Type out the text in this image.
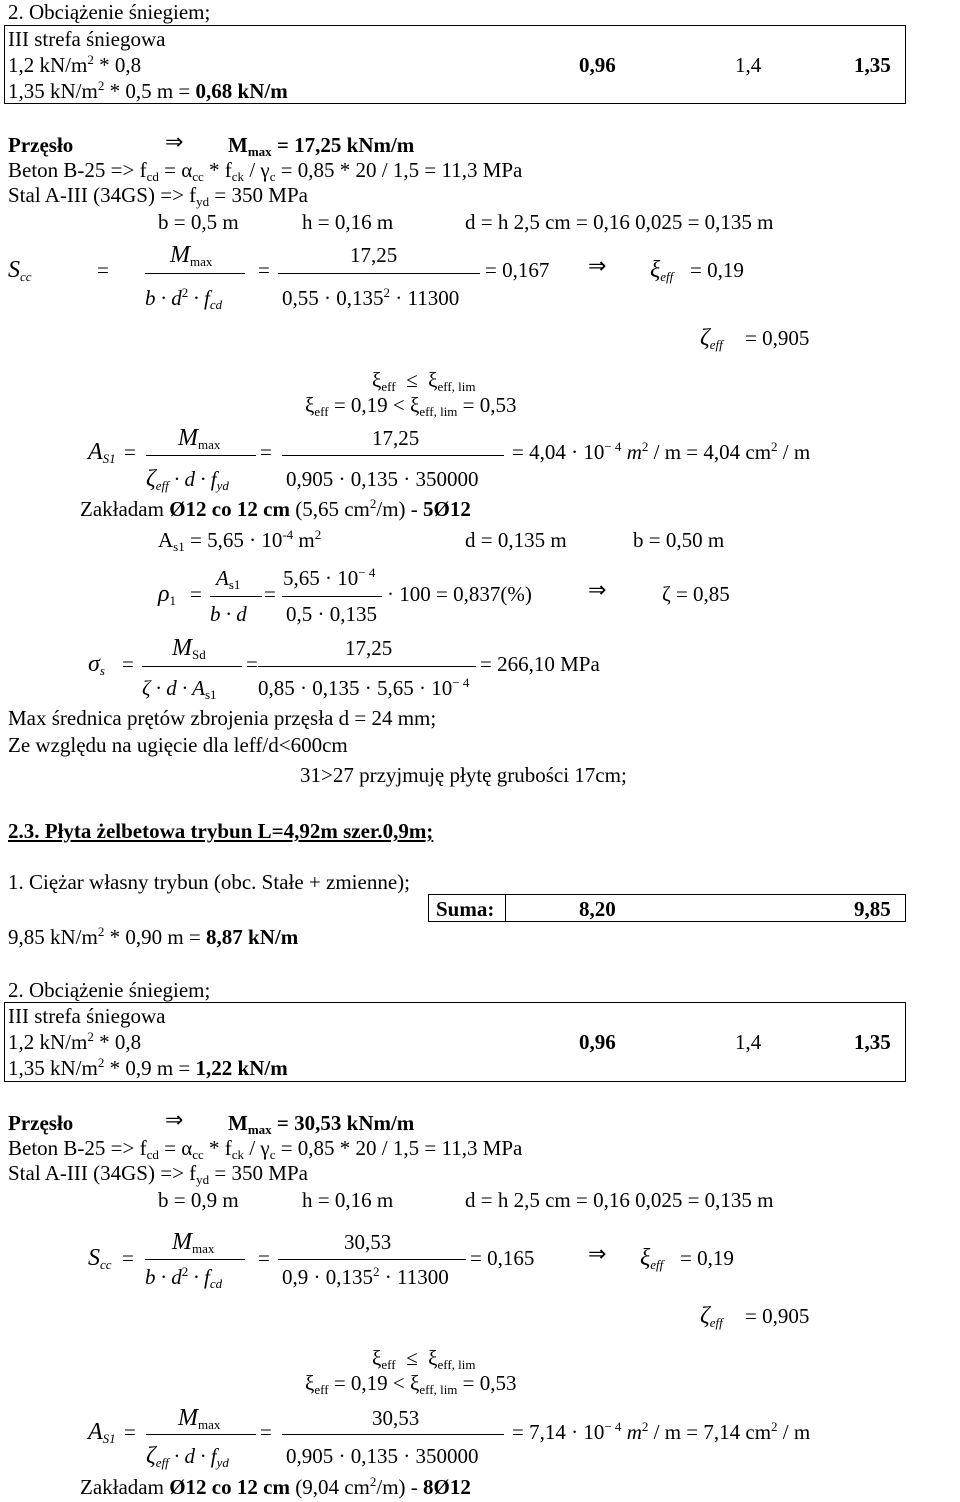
2. Obciążenie śniegiem;
III strefa śniegowa
1,2 $kN/m^2 * 0,8$	0,96	1,4	1,35
1,35 $kN/m^2 * 0,5$ m = 0,68 kN/m
Przęsło	⇒ Mmax = 17,25 kNm/m
Beton B-25 => fcd = αcc * fck / γc = 0,85 * 20 / 1,5 = 11,3 MPa
Stal A-III (34GS) => fyd = 350 MPa
b = 0,5 m	h = 0,16 m	d = h 2,5 cm = 0,16 0,025 = 0,135 m
Scc	=
Mmax
$b \cdot d^2$ · fcd
=
17,25
$0,55 \cdot 0,135^2 \cdot 11300$
= 0,167 ⇒ ξeff = 0,19
ζeff = 0,905
ξeff ≤ ξeff, lim
ξeff = 0,19 < ξeff, lim = 0,53
AS1 =
Mmax
ζeff · d · fyd
=
17,25
0,905 · 0,135 · 350000
= $4,04 \cdot 10^{- 4}$ $m^2 / m = 4,04$ $cm^2$ / m
Zakładam Ø12 co 12 cm (5,65 $cm^2/m$) - 5Ø12
$As1 = 5,65 \cdot 10^{-4}$ $m^2$	d = 0,135 m	b = 0,50 m
ρ1 =
As1
b · d
=
$5,65 \cdot 10^{- 4}$
0,5 · 0,135
· 100 = 0,837(%)	⇒	ζ = 0,85
σs =
MSd
ζ · d · As1
=
17,25
$0,85 \cdot 0,135 \cdot 5,65 \cdot 10^{- 4}$
= 266,10 MPa
Max średnica prętów zbrojenia przęsła d = 24 mm;
Ze względu na ugięcie dla leff/d<600cm
31>27 przyjmuję płytę grubości 17cm;
2.3. Płyta żelbetowa trybun L=4,92m szer.0,9m;
1. Ciężar własny trybun (obc. Stałe + zmienne);
Suma:	8,20	9,85
9,85 $kN/m^2 * 0,90$ m = 8,87 kN/m
2. Obciążenie śniegiem;
III strefa śniegowa
1,2 $kN/m^2 * 0,8$	0,96	1,4	1,35
1,35 $kN/m^2 * 0,9$ m = 1,22 kN/m
Przęsło	⇒ Mmax = 30,53 kNm/m
Beton B-25 => fcd = αcc * fck / γc = 0,85 * 20 / 1,5 = 11,3 MPa
Stal A-III (34GS) => fyd = 350 MPa
b = 0,9 m	h = 0,16 m	d = h 2,5 cm = 0,16 0,025 = 0,135 m
Scc =
Mmax
$b \cdot d^2$ · fcd
=
30,53
$0,9 \cdot 0,135^2 \cdot 11300$
= 0,165 ⇒ ξeff = 0,19
ζeff = 0,905
ξeff ≤ ξeff, lim
ξeff = 0,19 < ξeff, lim = 0,53
AS1 =
Mmax
ζeff · d · fyd
=
30,53
0,905 · 0,135 · 350000
= $7,14 \cdot 10^{- 4}$ $m^2 / m = 7,14$ $cm^2$ / m
Zakładam Ø12 co 12 cm (9,04 $cm^2/m$) - 8Ø12
